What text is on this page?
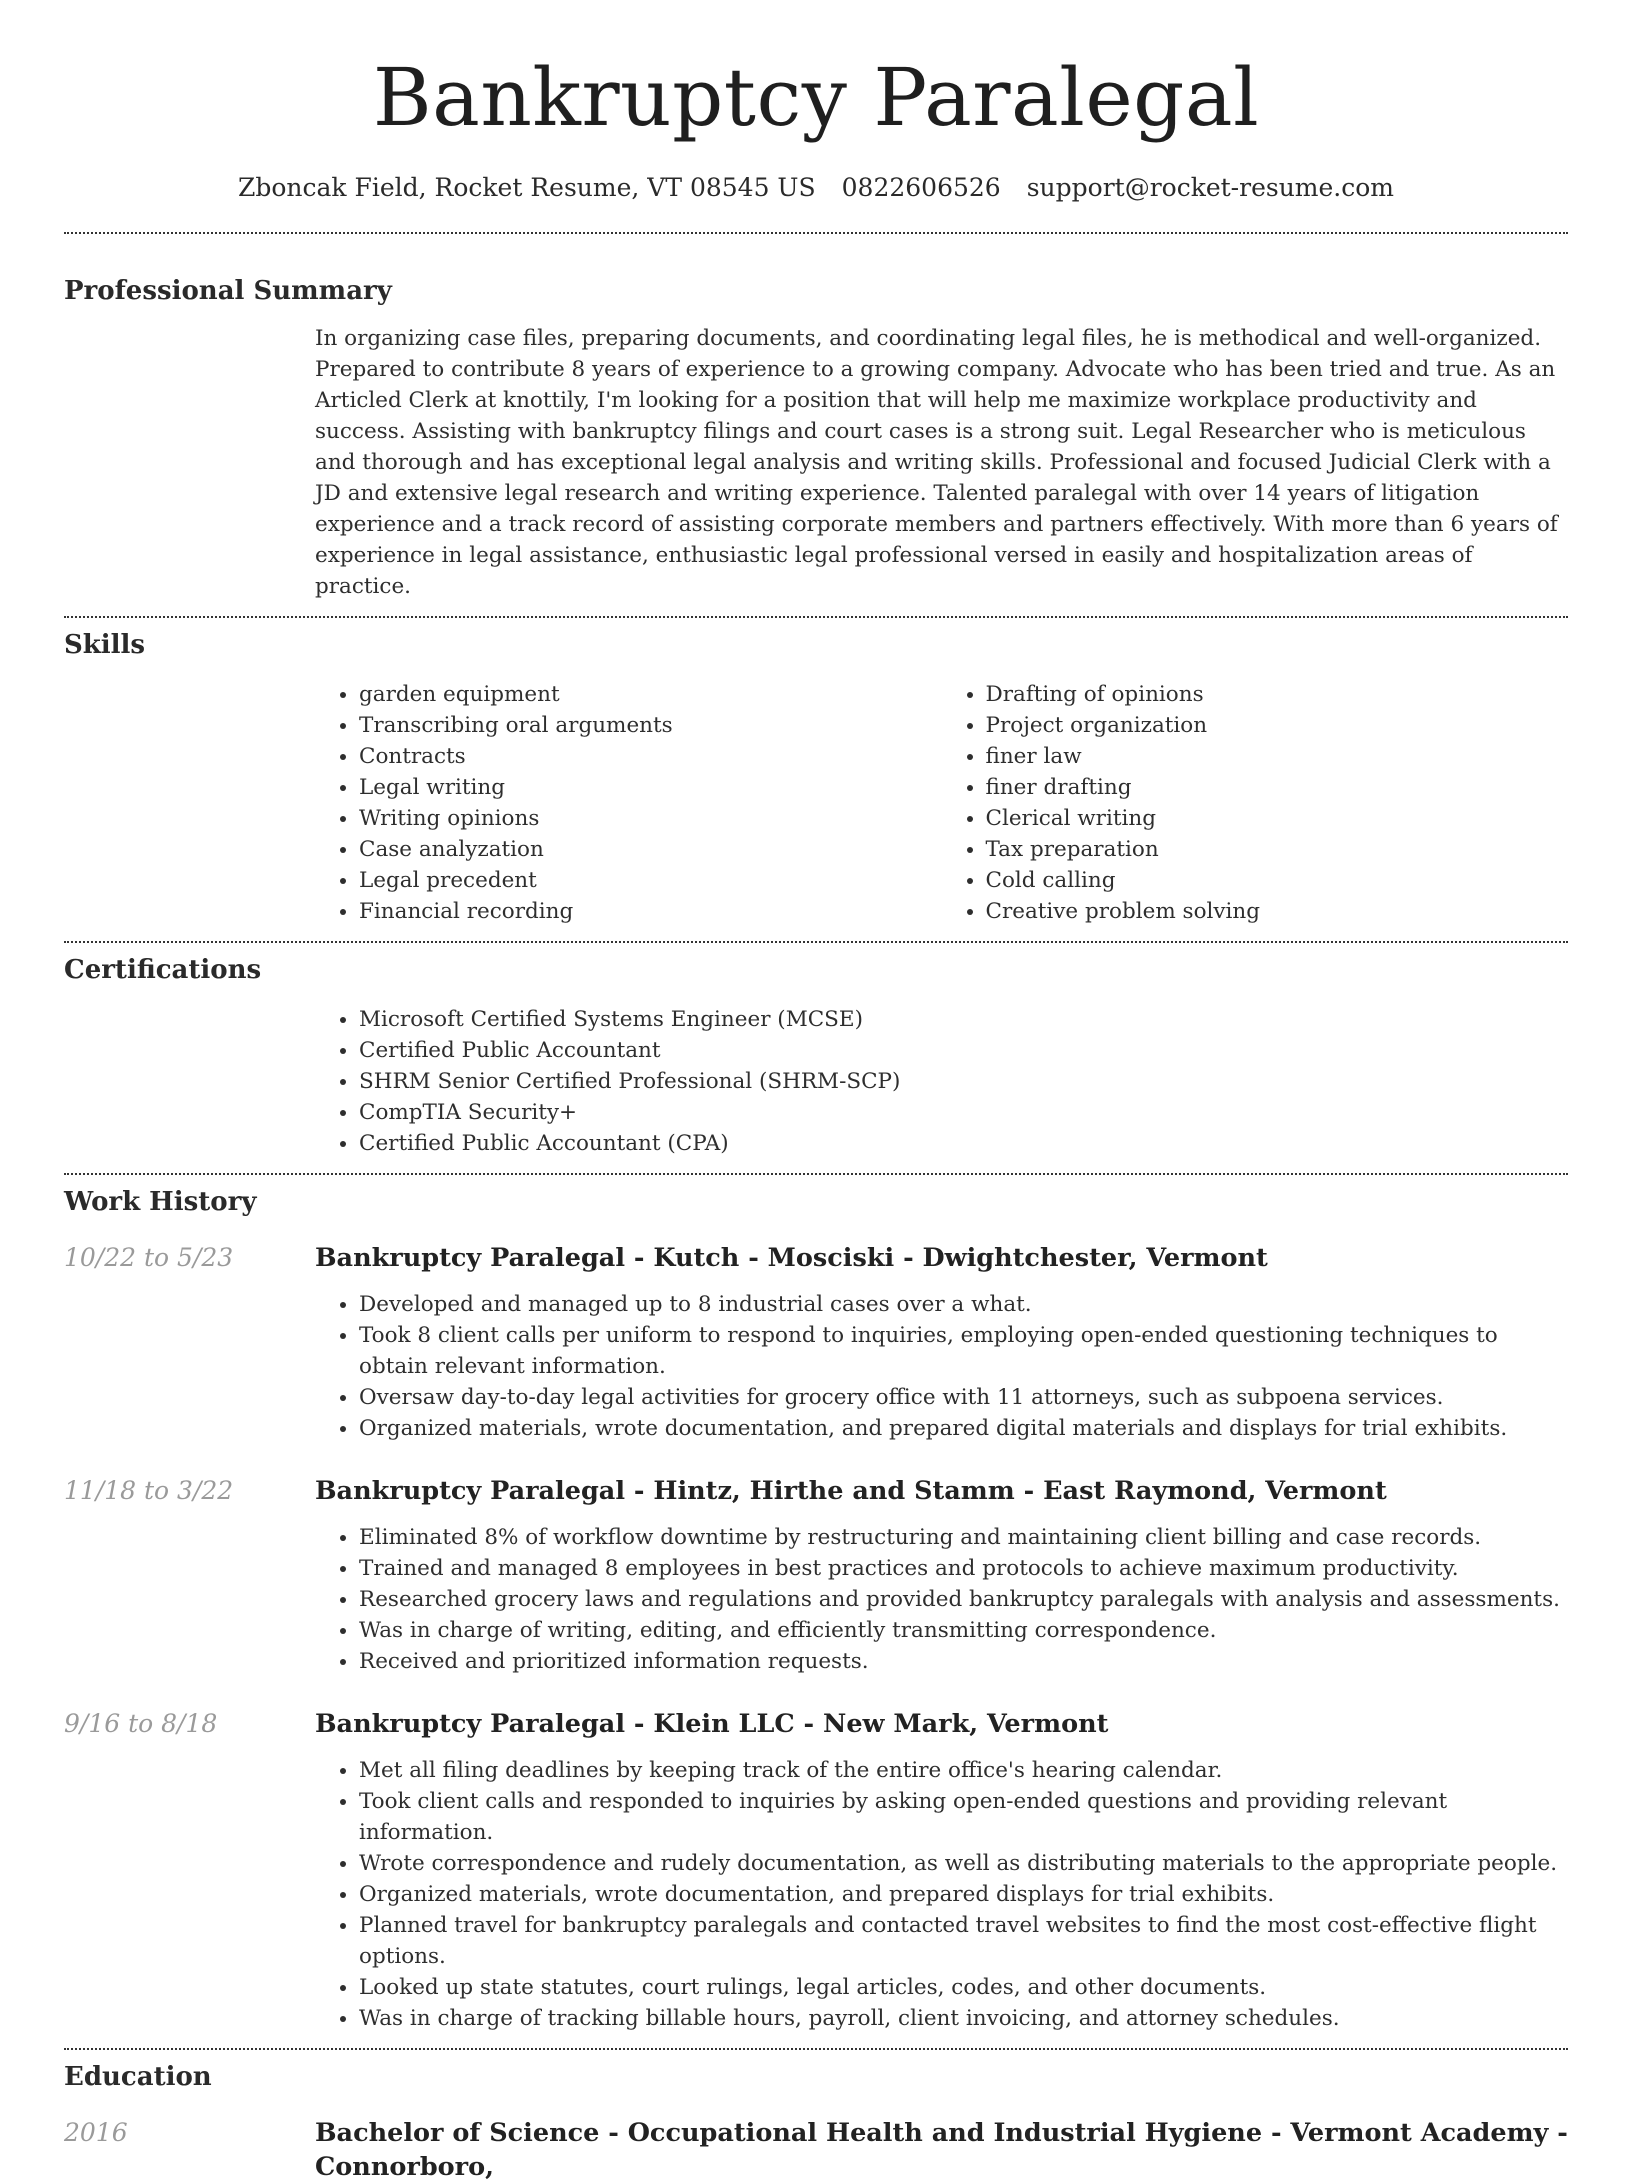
Bankruptcy Paralegal
Zboncak Field, Rocket Resume, VT 08545 US 0822606526 support@rocket-resume.com
Professional Summary

In organizing case files, preparing documents, and coordinating legal files, he is methodical and well-organized. Prepared to contribute 8 years of experience to a growing company. Advocate who has been tried and true. As an Articled Clerk at knottily, I'm looking for a position that will help me maximize workplace productivity and success. Assisting with bankruptcy filings and court cases is a strong suit. Legal Researcher who is meticulous and thorough and has exceptional legal analysis and writing skills. Professional and focused Judicial Clerk with a JD and extensive legal research and writing experience. Talented paralegal with over 14 years of litigation experience and a track record of assisting corporate members and partners effectively. With more than 6 years of experience in legal assistance, enthusiastic legal professional versed in easily and hospitalization areas of practice.

Skills
• garden equipment
• Transcribing oral arguments
• Contracts
• Legal writing
• Writing opinions
• Case analyzation
• Legal precedent
• Financial recording
• Drafting of opinions
• Project organization
• finer law
• finer drafting
• Clerical writing
• Tax preparation
• Cold calling
• Creative problem solving
Certifications
• Microsoft Certified Systems Engineer (MCSE)
• Certified Public Accountant
• SHRM Senior Certified Professional (SHRM-SCP)
• CompTIA Security+
• Certified Public Accountant (CPA)
Work History
10/22 to 5/23	Bankruptcy Paralegal - Kutch - Mosciski - Dwightchester, Vermont
• Developed and managed up to 8 industrial cases over a what.
• Took 8 client calls per uniform to respond to inquiries, employing open-ended questioning techniques to obtain relevant information.
• Oversaw day-to-day legal activities for grocery office with 11 attorneys, such as subpoena services.
• Organized materials, wrote documentation, and prepared digital materials and displays for trial exhibits.
11/18 to 3/22	Bankruptcy Paralegal - Hintz, Hirthe and Stamm - East Raymond, Vermont
• Eliminated 8% of workflow downtime by restructuring and maintaining client billing and case records.
• Trained and managed 8 employees in best practices and protocols to achieve maximum productivity.
• Researched grocery laws and regulations and provided bankruptcy paralegals with analysis and assessments.
• Was in charge of writing, editing, and efficiently transmitting correspondence.
• Received and prioritized information requests.
9/16 to 8/18	Bankruptcy Paralegal - Klein LLC - New Mark, Vermont
• Met all filing deadlines by keeping track of the entire office's hearing calendar.
• Took client calls and responded to inquiries by asking open-ended questions and providing relevant information.
• Wrote correspondence and rudely documentation, as well as distributing materials to the appropriate people.
• Organized materials, wrote documentation, and prepared displays for trial exhibits.
• Planned travel for bankruptcy paralegals and contacted travel websites to find the most cost-effective flight options.
• Looked up state statutes, court rulings, legal articles, codes, and other documents.
• Was in charge of tracking billable hours, payroll, client invoicing, and attorney schedules.
Education
2016	Bachelor of Science - Occupational Health and Industrial Hygiene - Vermont Academy - Connorboro,
